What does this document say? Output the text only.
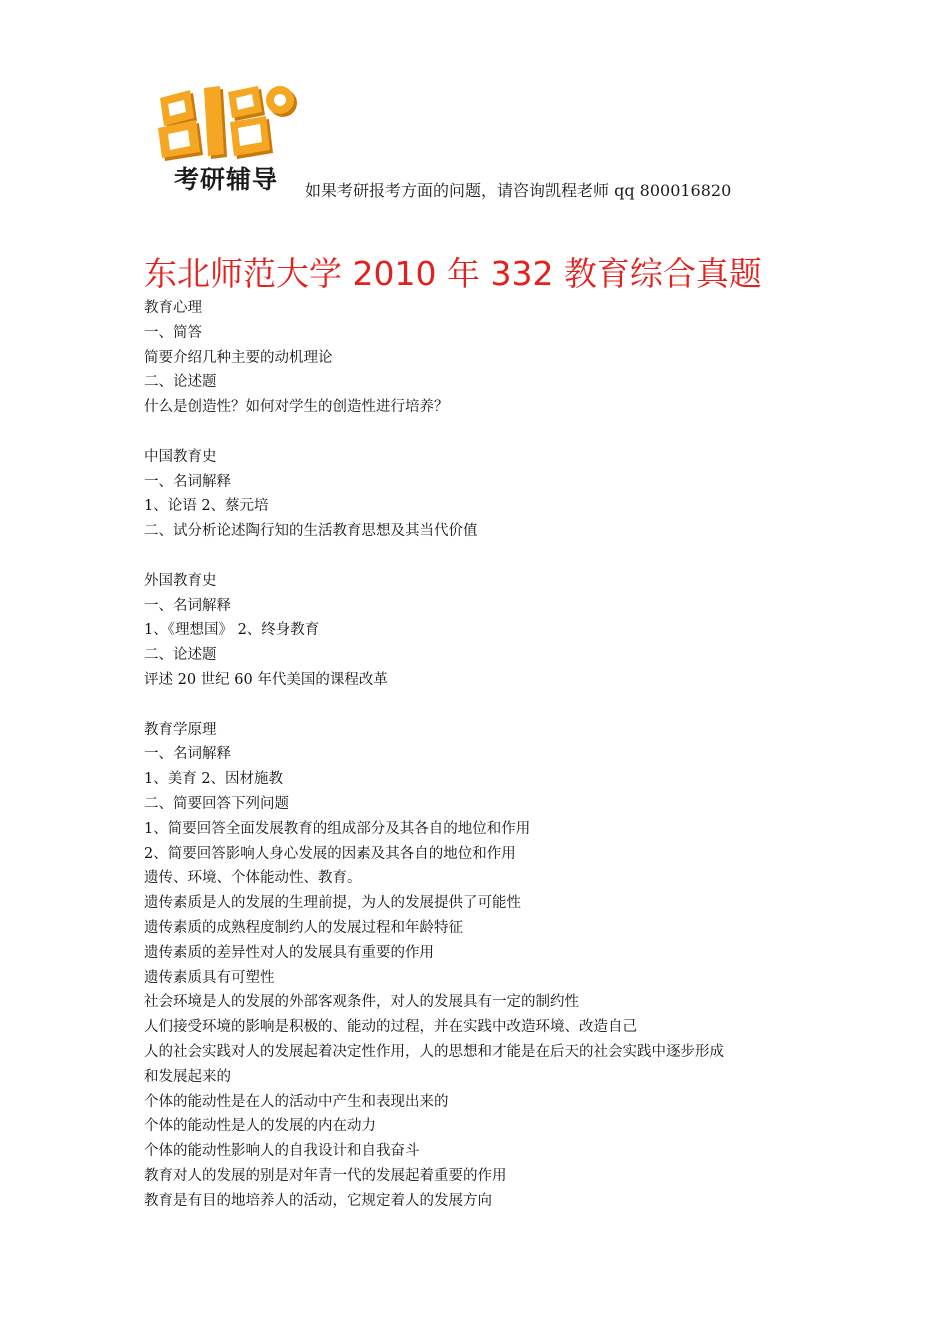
考研辅导	如果考研报考方面的问题，请咨询凯程老师 qq 800016820
东北师范大学 2010 年 332 教育综合真题
教育心理
一、简答
简要介绍几种主要的动机理论
二、论述题
什么是创造性？如何对学生的创造性进行培养？
中国教育史
一、名词解释
1、论语 2、蔡元培
二、试分析论述陶行知的生活教育思想及其当代价值
外国教育史
一、名词解释
1、《理想国》 2、终身教育
二、论述题
评述 20 世纪 60 年代美国的课程改革
教育学原理
一、名词解释
1、美育 2、因材施教
二、简要回答下列问题
1、简要回答全面发展教育的组成部分及其各自的地位和作用
2、简要回答影响人身心发展的因素及其各自的地位和作用
遗传、环境、个体能动性、教育。
遗传素质是人的发展的生理前提，为人的发展提供了可能性
遗传素质的成熟程度制约人的发展过程和年龄特征
遗传素质的差异性对人的发展具有重要的作用
遗传素质具有可塑性
社会环境是人的发展的外部客观条件，对人的发展具有一定的制约性
人们接受环境的影响是积极的、能动的过程，并在实践中改造环境、改造自己
人的社会实践对人的发展起着决定性作用，人的思想和才能是在后天的社会实践中逐步形成
和发展起来的
个体的能动性是在人的活动中产生和表现出来的
个体的能动性是人的发展的内在动力
个体的能动性影响人的自我设计和自我奋斗
教育对人的发展的别是对年青一代的发展起着重要的作用
教育是有目的地培养人的活动，它规定着人的发展方向
